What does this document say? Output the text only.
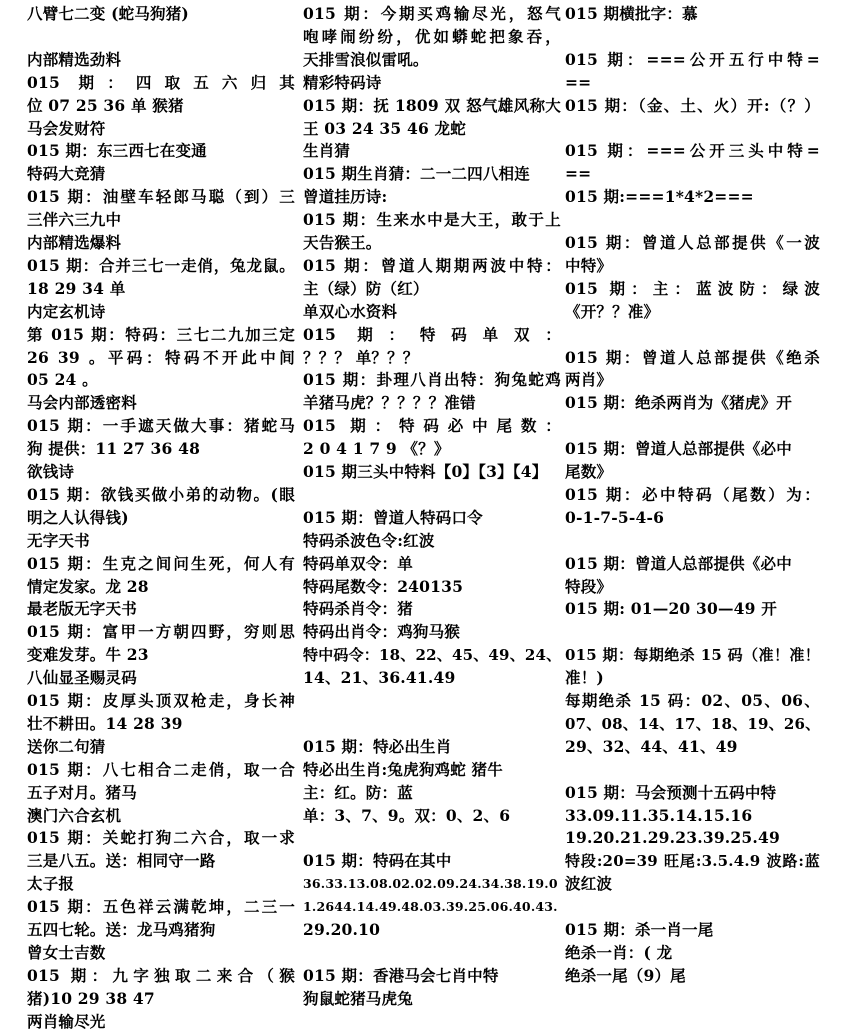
八臂七二变 (蛇马狗猪)
内部精选劲料
015 期：四取五六归其
位 07 25 36 单 猴猪
马会发财符
015 期：东三西七在变通
特码大竞猜
015 期：油壁车轻郎马聪（到）三
三伴六三九中
内部精选爆料
015 期：合并三七一走俏，兔龙鼠。
18 29 34 单
内定玄机诗
第 015 期：特码：三七二九加三定
26 39 。平码：特码不开此中间
05 24 。
马会内部透密料
015 期：一手遮天做大事：猪蛇马
狗 提供：11 27 36 48
欲钱诗
015 期：欲钱买做小弟的动物。(眼
明之人认得钱)
无字天书
015 期：生克之间问生死，何人有
情定发家。龙 28
最老版无字天书
015 期：富甲一方朝四野，穷则思
变难发芽。牛 23
八仙显圣赐灵码
015 期：皮厚头顶双枪走，身长神
壮不耕田。14 28 39
送你二句猜
015 期：八七相合二走俏，取一合
五子对月。猪马
澳门六合玄机
015 期：关蛇打狗二六合，取一求
三是八五。送：相同守一路
太子报
015 期：五色祥云满乾坤，二三一
五四七轮。送：龙马鸡猪狗
曾女士吉数
015 期：九字独取二来合（猴
猪)10 29 38 47
两肖输尽光
015 期：今期买鸡输尽光，怒气
咆哮闹纷纷，优如蟒蛇把象吞，
天排雪浪似雷吼。
精彩特码诗
015 期：抚 1809 双 怒气雄风称大
王 03 24 35 46 龙蛇
生肖猜
015 期生肖猜：二一二四八相连
曾道挂历诗:
015 期：生来水中是大王，敢于上
天告猴王。
015 期：曾道人期期两波中特：
主（绿）防（红）
单双心水资料
015 期：特码单双：
？？？ 单？？？
015 期：卦理八肖出特：狗兔蛇鸡
羊猪马虎？？？？？准错
015 期：特码必中尾数：
2 0 4 1 7 9 《？》
015 期三头中特料【0】【3】【4】
015 期：曾道人特码口令
特码杀波色令:红波
特码单双令：单
特码尾数令：240135
特码杀肖令：猪
特码出肖令：鸡狗马猴
特中码令：18、22、45、49、24、
14、21、36.41.49
015 期：特必出生肖
特必出生肖:兔虎狗鸡蛇 猪牛
主：红。防：蓝
单：3、7、9。双：0、2、6
015 期：特码在其中
36.33.13.08.02.02.09.24.34.38.19.0
1.2644.14.49.48.03.39.25.06.40.43.
29.20.10
015 期：香港马会七肖中特
狗鼠蛇猪马虎兔
015 期横批字：慕
015 期：===公开五行中特=
==
015 期：（金、土、火）开:（？）
015 期：===公开三头中特=
==
015 期:===1*4*2===
015 期：曾道人总部提供《一波
中特》
015 期：主：蓝波防：绿波
《开？？准》
015 期：曾道人总部提供《绝杀
两肖》
015 期：绝杀两肖为《猪虎》开
015 期：曾道人总部提供《必中
尾数》
015 期：必中特码（尾数）为：
0-1-7-5-4-6
015 期：曾道人总部提供《必中
特段》
015 期: 01—20 30—49 开
015 期：每期绝杀 15 码（准！准！
准！)
每期绝杀 15 码：02、05、06、
07、08、14、17、18、19、26、
29、32、44、41、49
015 期：马会预测十五码中特
33.09.11.35.14.15.16
19.20.21.29.23.39.25.49
特段:20=39 旺尾:3.5.4.9 波路:蓝
波红波
015 期：杀一肖一尾
绝杀一肖：( 龙
绝杀一尾（9）尾
